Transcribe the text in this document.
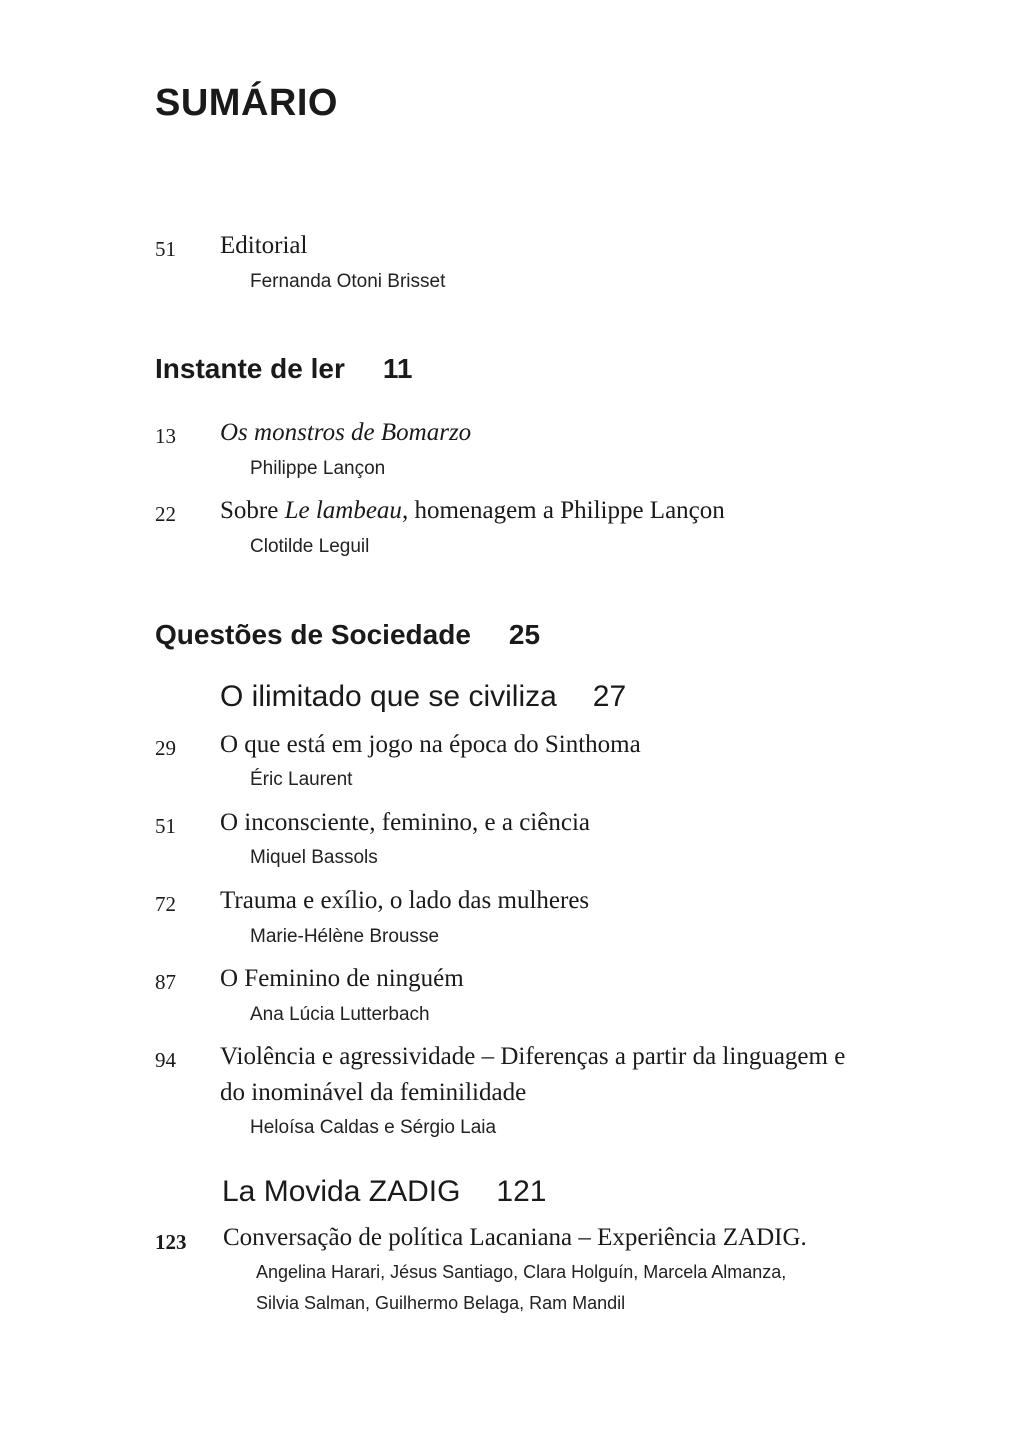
SUMÁRIO
51 Editorial
Fernanda Otoni Brisset
Instante de ler 11
13 Os monstros de Bomarzo
Philippe Lançon
22 Sobre Le lambeau, homenagem a Philippe Lançon
Clotilde Leguil
Questões de Sociedade 25
O ilimitado que se civiliza 27
29 O que está em jogo na época do Sinthoma
Éric Laurent
51 O inconsciente, feminino, e a ciência
Miquel Bassols
72 Trauma e exílio, o lado das mulheres
Marie-Hélène Brousse
87 O Feminino de ninguém
Ana Lúcia Lutterbach
94 Violência e agressividade – Diferenças a partir da linguagem e
do inominável da feminilidade
Heloísa Caldas e Sérgio Laia
La Movida ZADIG 121
123 Conversação de política Lacaniana – Experiência ZADIG.
Angelina Harari, Jésus Santiago, Clara Holguín, Marcela Almanza,
Silvia Salman, Guilhermo Belaga, Ram Mandil
